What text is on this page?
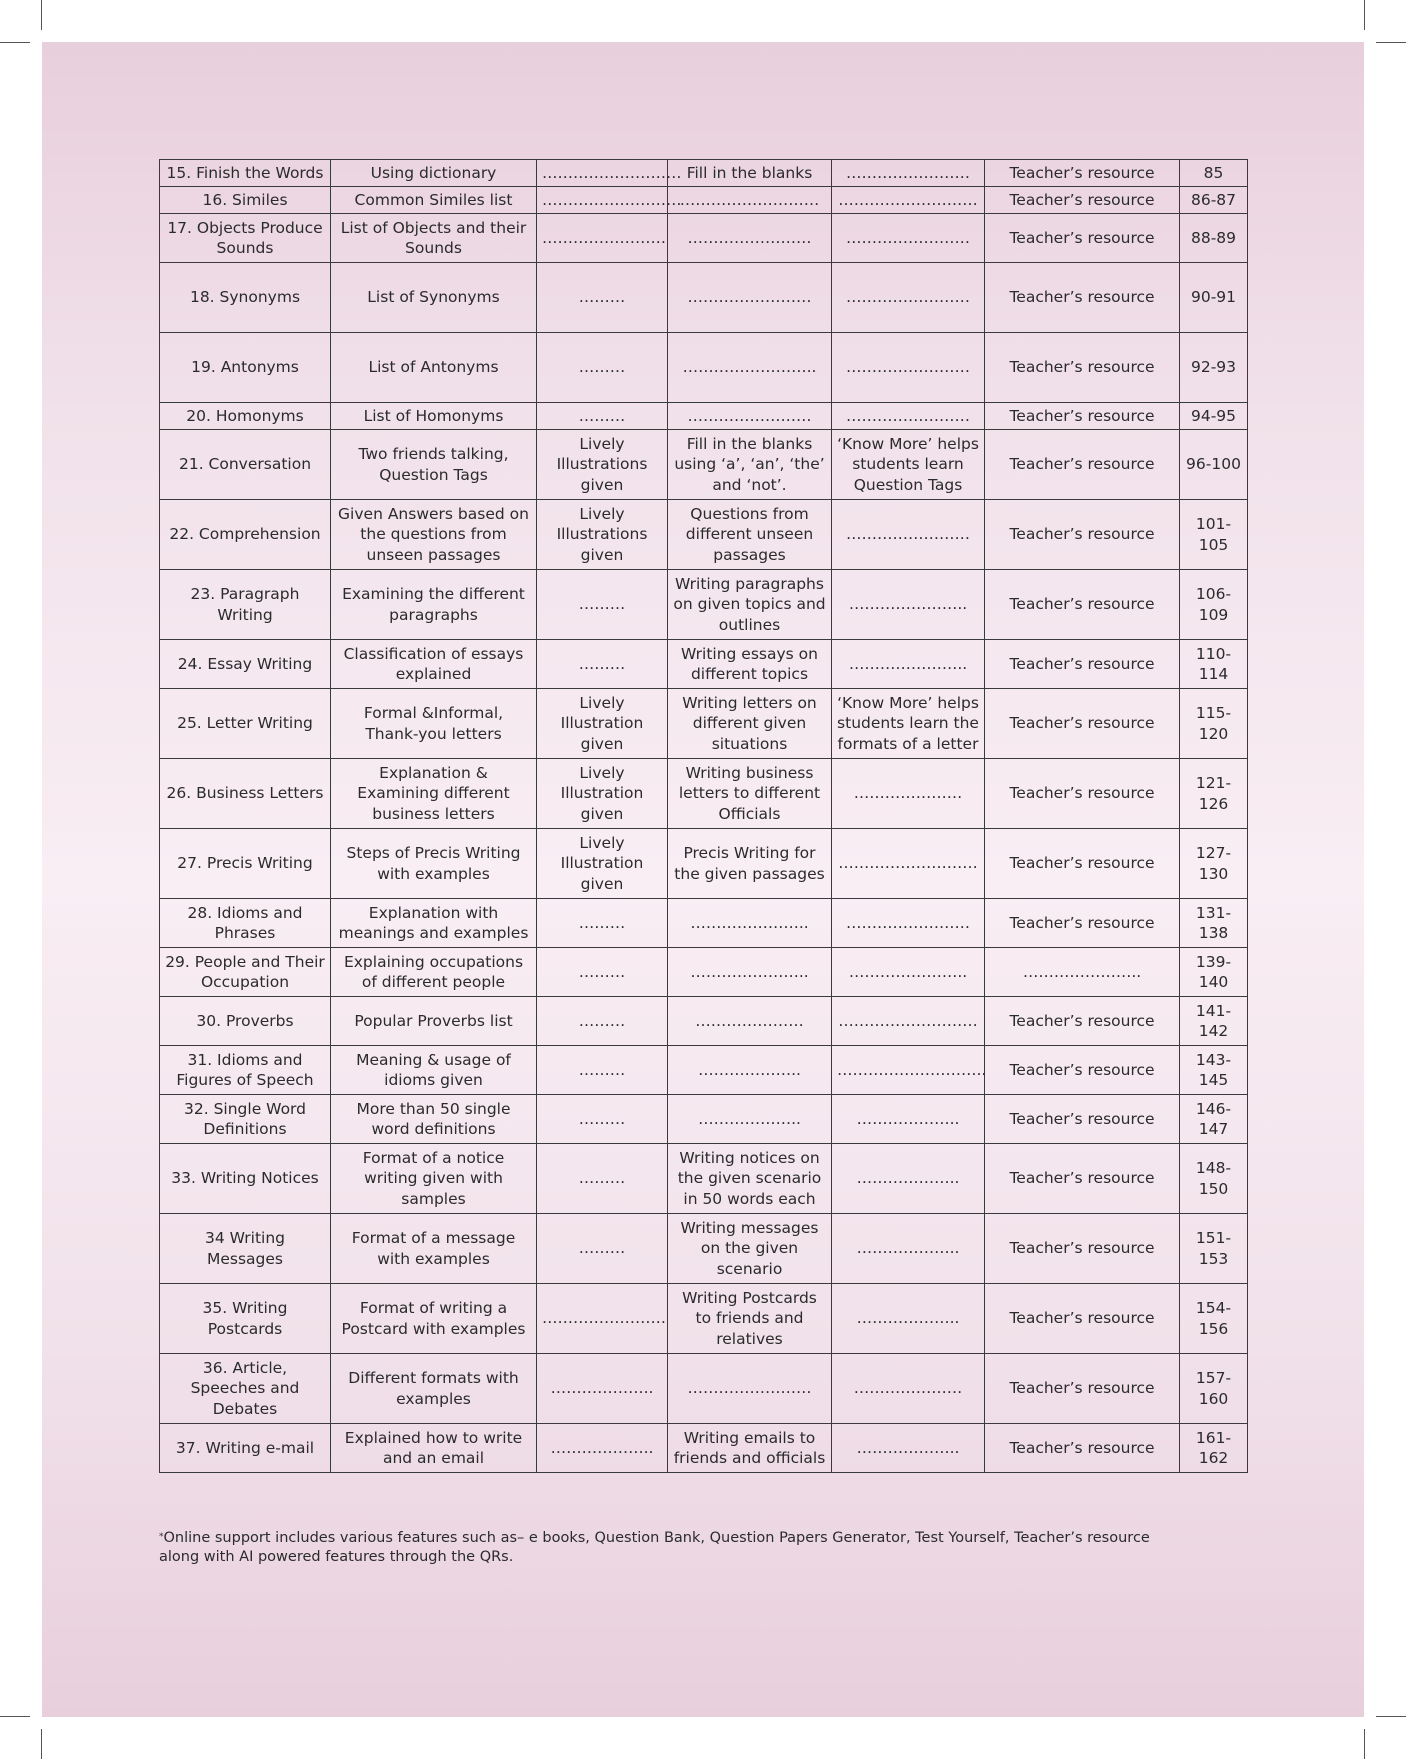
15. Finish the Words	Using dictionary	………………………	Fill in the blanks	……………………	Teacher’s resource	85
16. Similes	Common Similes list	………………………	………………………	………………………	Teacher’s resource	86-87
17. Objects Produce Sounds	List of Objects and their Sounds	……………………	……………………	……………………	Teacher’s resource	88-89
18. Synonyms	List of Synonyms	………	……………………	……………………	Teacher’s resource	90-91
19. Antonyms	List of Antonyms	………	……………………..	……………………	Teacher’s resource	92-93
20. Homonyms	List of Homonyms	………	……………………	……………………	Teacher’s resource	94-95
21. Conversation	Two friends talking, Question Tags	Lively Illustrations given	Fill in the blanks using ‘a’, ‘an’, ‘the’ and ‘not’.	‘Know More’ helps students learn Question Tags	Teacher’s resource	96-100
22. Comprehension	Given Answers based on the questions from unseen passages	Lively Illustrations given	Questions from different unseen passages	……………………	Teacher’s resource	101-105
23. Paragraph Writing	Examining the different paragraphs	………	Writing paragraphs on given topics and outlines	…………………..	Teacher’s resource	106-109
24. Essay Writing	Classification of essays explained	………	Writing essays on different topics	…………………..	Teacher’s resource	110-114
25. Letter Writing	Formal &Informal, Thank-you letters	Lively Illustration given	Writing letters on different given situations	‘Know More’ helps students learn the formats of a letter	Teacher’s resource	115-120
26. Business Letters	Explanation & Examining different business letters	Lively Illustration given	Writing business letters to different Officials	…………………	Teacher’s resource	121-126
27. Precis Writing	Steps of Precis Writing with examples	Lively Illustration given	Precis Writing for the given passages	………………………	Teacher’s resource	127-130
28. Idioms and Phrases	Explanation with meanings and examples	………	…………………..	……………………	Teacher’s resource	131-138
29. People and Their Occupation	Explaining occupations of different people	………	…………………..	…………………..	…………………..	139-140
30. Proverbs	Popular Proverbs list	………	…………………	………………………	Teacher’s resource	141-142
31. Idioms and Figures of Speech	Meaning & usage of idioms given	………	………………..	………………………..	Teacher’s resource	143-145
32. Single Word Definitions	More than 50 single word definitions	………	………………..	………………..	Teacher’s resource	146-147
33. Writing Notices	Format of a notice writing given with samples	………	Writing notices on the given scenario in 50 words each	………………..	Teacher’s resource	148-150
34 Writing Messages	Format of a message with examples	………	Writing messages on the given scenario	………………..	Teacher’s resource	151-153
35. Writing Postcards	Format of writing a Postcard with examples	……………………	Writing Postcards to friends and relatives	………………..	Teacher’s resource	154-156
36. Article, Speeches and Debates	Different formats with examples	………………..	……………………	…………………	Teacher’s resource	157-160
37. Writing e-mail	Explained how to write and an email	………………..	Writing emails to friends and officials	………………..	Teacher’s resource	161-162
*Online support includes various features such as– e books, Question Bank, Question Papers Generator, Test Yourself, Teacher’s resource along with AI powered features through the QRs.
